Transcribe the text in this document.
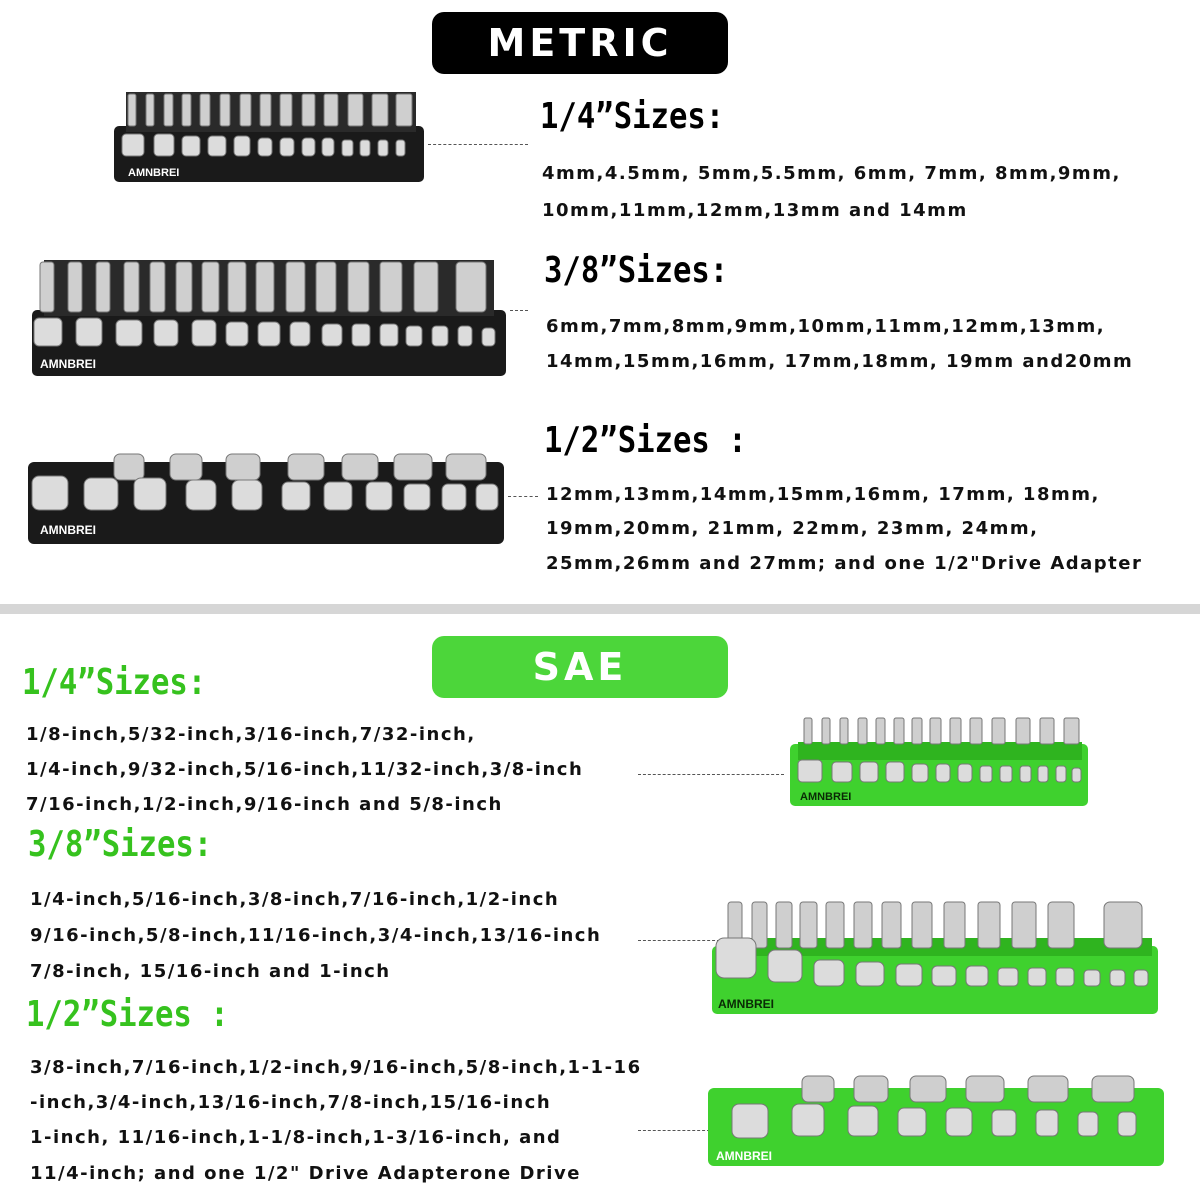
METRIC
AMNBREI
1/4”Sizes:
4mm,4.5mm, 5mm,5.5mm, 6mm, 7mm, 8mm,9mm,
10mm,11mm,12mm,13mm and 14mm
AMNBREI
3/8”Sizes:
6mm,7mm,8mm,9mm,10mm,11mm,12mm,13mm,
14mm,15mm,16mm, 17mm,18mm, 19mm and20mm
AMNBREI
1/2”Sizes :
12mm,13mm,14mm,15mm,16mm, 17mm, 18mm,
19mm,20mm, 21mm, 22mm, 23mm, 24mm,
25mm,26mm and 27mm; and one 1/2"Drive Adapter
SAE
1/4”Sizes:
1/8-inch,5/32-inch,3/16-inch,7/32-inch,
1/4-inch,9/32-inch,5/16-inch,11/32-inch,3/8-inch
7/16-inch,1/2-inch,9/16-inch and 5/8-inch	AMNBREI
3/8”Sizes:
1/4-inch,5/16-inch,3/8-inch,7/16-inch,1/2-inch
9/16-inch,5/8-inch,11/16-inch,3/4-inch,13/16-inch
7/8-inch, 15/16-inch and 1-inch
AMNBREI
1/2”Sizes :
3/8-inch,7/16-inch,1/2-inch,9/16-inch,5/8-inch,1-1-16
-inch,3/4-inch,13/16-inch,7/8-inch,15/16-inch
1-inch, 11/16-inch,1-1/8-inch,1-3/16-inch, and
11/4-inch; and one 1/2" Drive Adapterone Drive
AMNBREI
